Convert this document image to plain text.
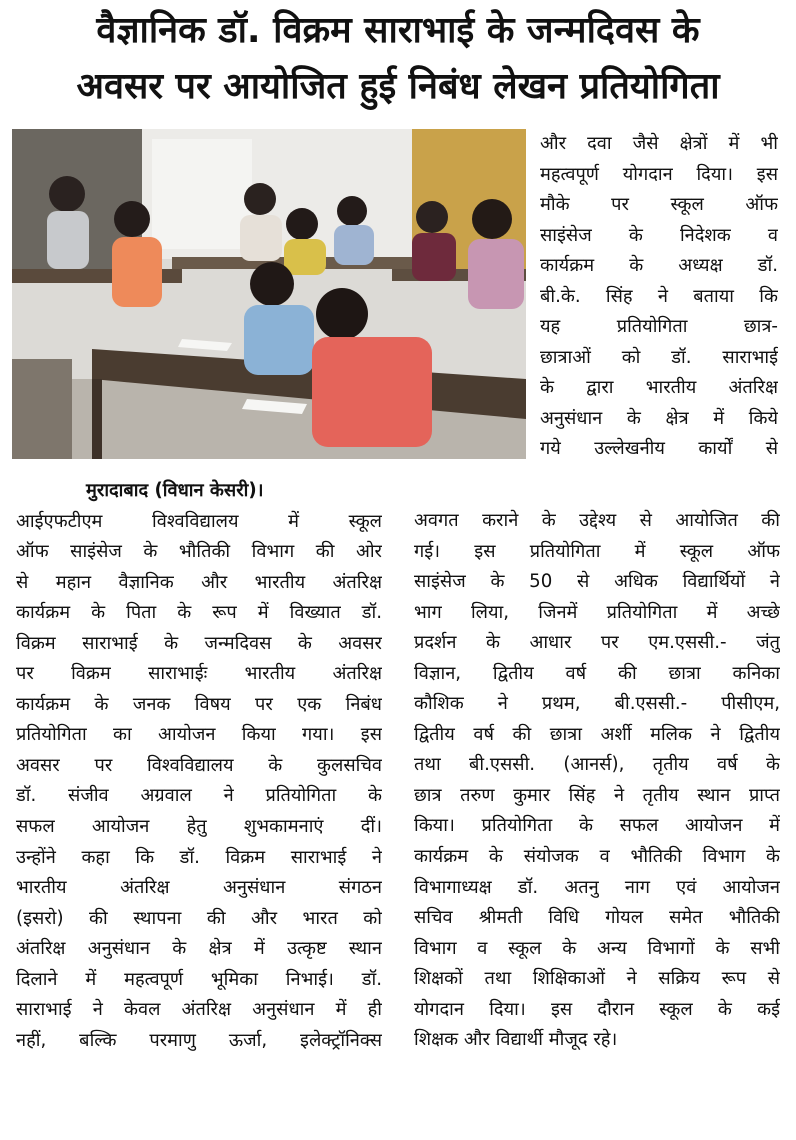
वैज्ञानिक डॉ. विक्रम साराभाई के जन्मदिवस के
अवसर पर आयोजित हुई निबंध लेखन प्रतियोगिता
और दवा जैसे क्षेत्रों में भी
महत्वपूर्ण योगदान दिया। इस
मौके पर स्कूल ऑफ
साइंसेज के निदेशक व
कार्यक्रम के अध्यक्ष डॉ.
बी.के. सिंह ने बताया कि
यह प्रतियोगिता छात्र-
छात्राओं को डॉ. साराभाई
के द्वारा भारतीय अंतरिक्ष
अनुसंधान के क्षेत्र में किये
गये उल्लेखनीय कार्यों से
मुरादाबाद (विधान केसरी)।
आईएफटीएम विश्वविद्यालय में स्कूल
ऑफ साइंसेज के भौतिकी विभाग की ओर
से महान वैज्ञानिक और भारतीय अंतरिक्ष
कार्यक्रम के पिता के रूप में विख्यात डॉ.
विक्रम साराभाई के जन्मदिवस के अवसर
पर विक्रम साराभाईः भारतीय अंतरिक्ष
कार्यक्रम के जनक विषय पर एक निबंध
प्रतियोगिता का आयोजन किया गया। इस
अवसर पर विश्वविद्यालय के कुलसचिव
डॉ. संजीव अग्रवाल ने प्रतियोगिता के
सफल आयोजन हेतु शुभकामनाएं दीं।
उन्होंने कहा कि डॉ. विक्रम साराभाई ने
भारतीय अंतरिक्ष अनुसंधान संगठन
(इसरो) की स्थापना की और भारत को
अंतरिक्ष अनुसंधान के क्षेत्र में उत्कृष्ट स्थान
दिलाने में महत्वपूर्ण भूमिका निभाई। डॉ.
साराभाई ने केवल अंतरिक्ष अनुसंधान में ही
नहीं, बल्कि परमाणु ऊर्जा, इलेक्ट्रॉनिक्स
अवगत कराने के उद्देश्य से आयोजित की
गई। इस प्रतियोगिता में स्कूल ऑफ
साइंसेज के 50 से अधिक विद्यार्थियों ने
भाग लिया, जिनमें प्रतियोगिता में अच्छे
प्रदर्शन के आधार पर एम.एससी.- जंतु
विज्ञान, द्वितीय वर्ष की छात्रा कनिका
कौशिक ने प्रथम, बी.एससी.- पीसीएम,
द्वितीय वर्ष की छात्रा अर्शी मलिक ने द्वितीय
तथा बी.एससी. (आनर्स), तृतीय वर्ष के
छात्र तरुण कुमार सिंह ने तृतीय स्थान प्राप्त
किया। प्रतियोगिता के सफल आयोजन में
कार्यक्रम के संयोजक व भौतिकी विभाग के
विभागाध्यक्ष डॉ. अतनु नाग एवं आयोजन
सचिव श्रीमती विधि गोयल समेत भौतिकी
विभाग व स्कूल के अन्य विभागों के सभी
शिक्षकों तथा शिक्षिकाओं ने सक्रिय रूप से
योगदान दिया। इस दौरान स्कूल के कई
शिक्षक और विद्यार्थी मौजूद रहे।
